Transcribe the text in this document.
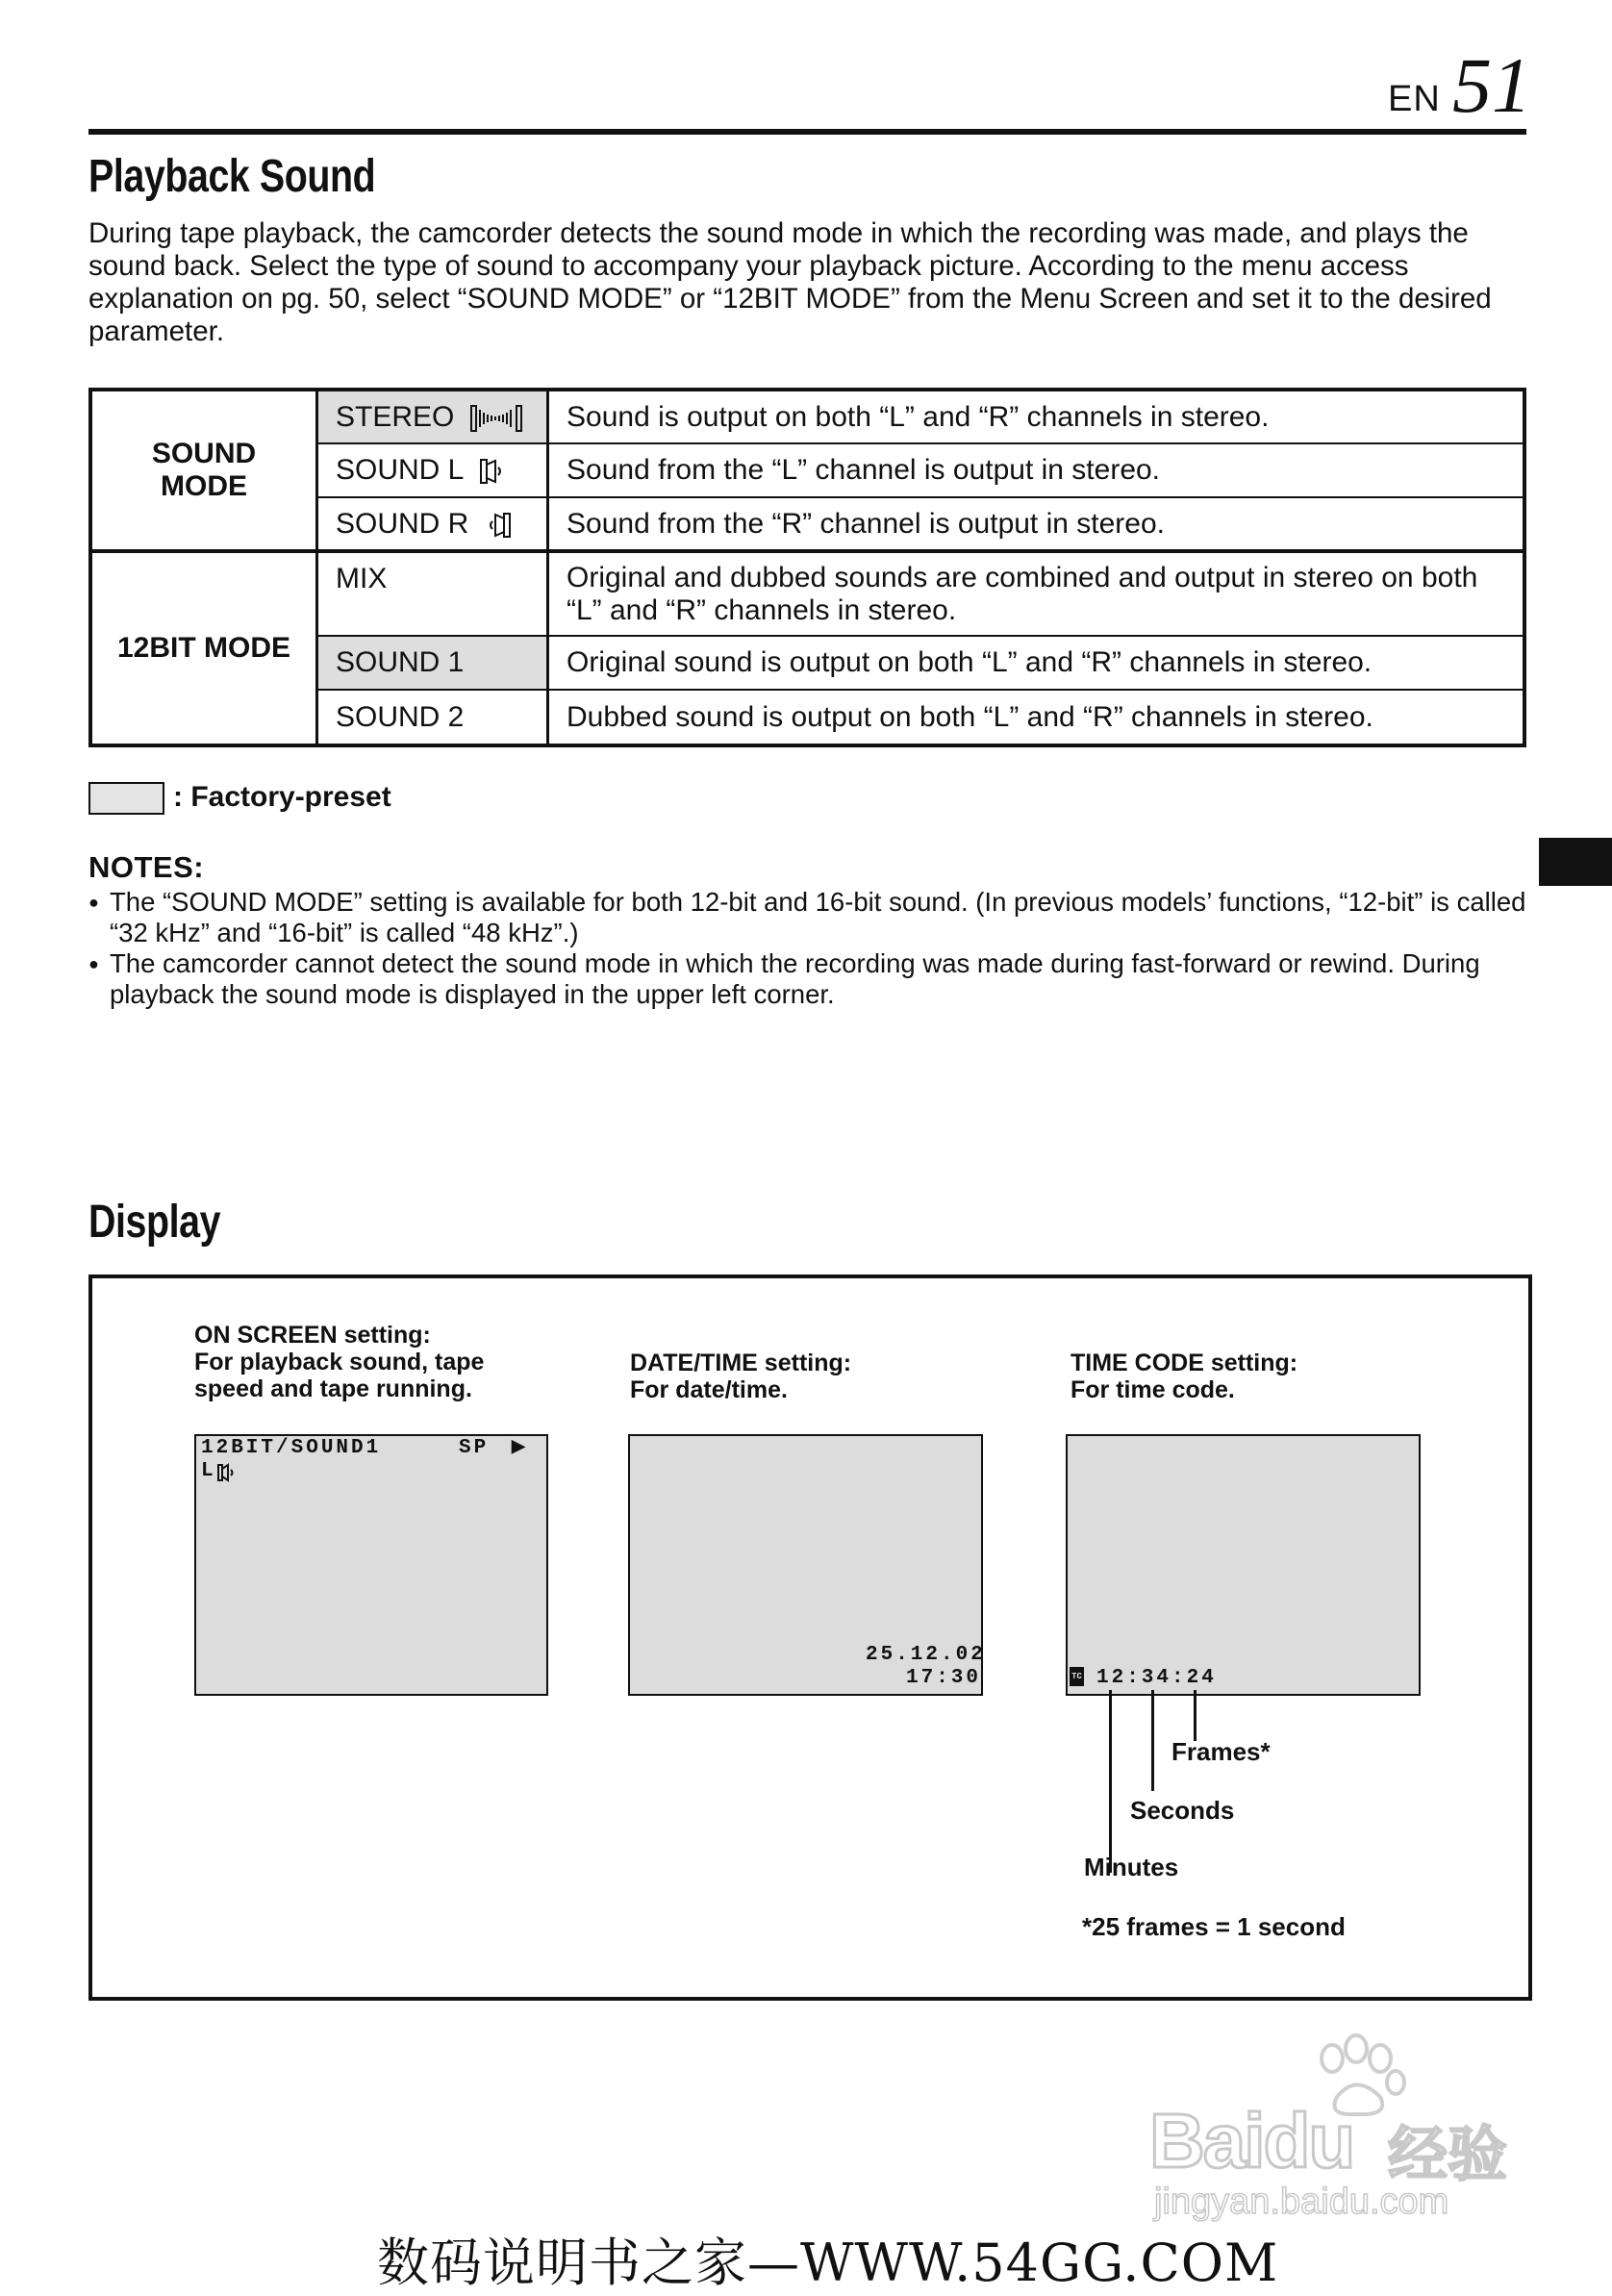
EN 51
Playback Sound
During tape playback, the camcorder detects the sound mode in which the recording was made, and plays the sound back. Select the type of sound to accompany your playback picture. According to the menu access explanation on pg. 50, select “SOUND MODE” or “12BIT MODE” from the Menu Screen and set it to the desired parameter.
SOUND MODE	STEREO	Sound is output on both “L” and “R” channels in stereo.
	SOUND L	Sound from the “L” channel is output in stereo.
	SOUND R	Sound from the “R” channel is output in stereo.
12BIT MODE	MIX	Original and dubbed sounds are combined and output in stereo on both “L” and “R” channels in stereo.
	SOUND 1	Original sound is output on both “L” and “R” channels in stereo.
	SOUND 2	Dubbed sound is output on both “L” and “R” channels in stereo.
: Factory-preset
NOTES:
● The “SOUND MODE” setting is available for both 12-bit and 16-bit sound. (In previous models’ functions, “12-bit” is called “32 kHz” and “16-bit” is called “48 kHz”.)
● The camcorder cannot detect the sound mode in which the recording was made during fast-forward or rewind. During playback the sound mode is displayed in the upper left corner.
Display
ON SCREEN setting:
For playback sound, tape
speed and tape running.
12BIT/SOUND1	SP ▶
L
DATE/TIME setting:
For date/time.
25.12.02
17:30
TIME CODE setting:
For time code.
TC 12:34:24
Frames*
Seconds
Minutes
*25 frames = 1 second
Baidu 经验
jingyan.baidu.com
数码说明书之家—WWW.54GG.COM
